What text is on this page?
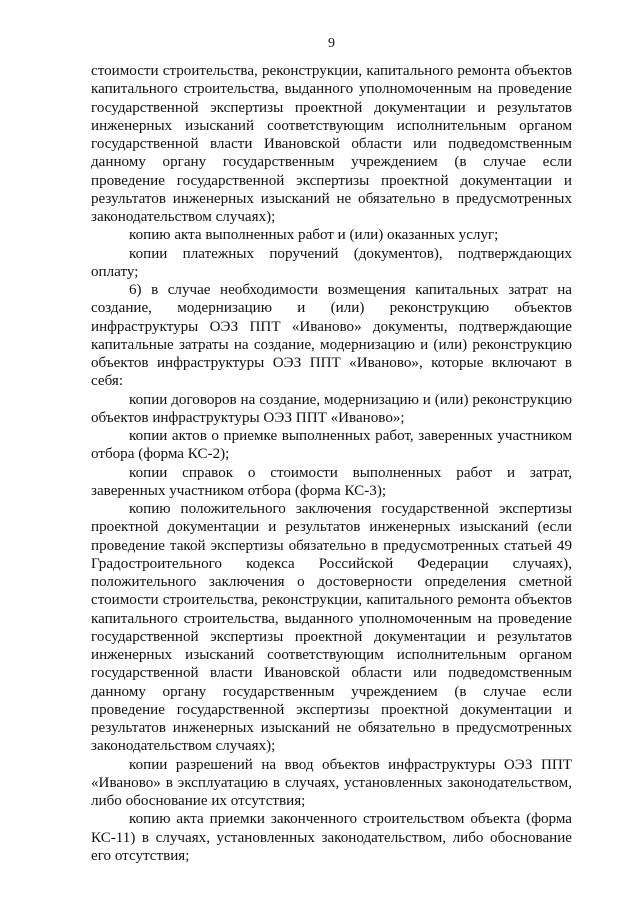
9

стоимости строительства, реконструкции, капитального ремонта объектов капитального строительства, выданного уполномоченным на проведение государственной экспертизы проектной документации и результатов инженерных изысканий соответствующим исполнительным органом государственной власти Ивановской области или подведомственным данному органу государственным учреждением (в случае если проведение государственной экспертизы проектной документации и результатов инженерных изысканий не обязательно в предусмотренных законодательством случаях);

копию акта выполненных работ и (или) оказанных услуг;

копии платежных поручений (документов), подтверждающих оплату;

6) в случае необходимости возмещения капитальных затрат на создание, модернизацию и (или) реконструкцию объектов инфраструктуры ОЭЗ ППТ «Иваново» документы, подтверждающие капитальные затраты на создание, модернизацию и (или) реконструкцию объектов инфраструктуры ОЭЗ ППТ «Иваново», которые включают в себя:

копии договоров на создание, модернизацию и (или) реконструкцию объектов инфраструктуры ОЭЗ ППТ «Иваново»;

копии актов о приемке выполненных работ, заверенных участником отбора (форма КС-2);

копии справок о стоимости выполненных работ и затрат, заверенных участником отбора (форма КС-3);

копию положительного заключения государственной экспертизы проектной документации и результатов инженерных изысканий (если проведение такой экспертизы обязательно в предусмотренных статьей 49 Градостроительного кодекса Российской Федерации случаях), положительного заключения о достоверности определения сметной стоимости строительства, реконструкции, капитального ремонта объектов капитального строительства, выданного уполномоченным на проведение государственной экспертизы проектной документации и результатов инженерных изысканий соответствующим исполнительным органом государственной власти Ивановской области или подведомственным данному органу государственным учреждением (в случае если проведение государственной экспертизы проектной документации и результатов инженерных изысканий не обязательно в предусмотренных законодательством случаях);

копии разрешений на ввод объектов инфраструктуры ОЭЗ ППТ «Иваново» в эксплуатацию в случаях, установленных законодательством, либо обоснование их отсутствия;

копию акта приемки законченного строительством объекта (форма КС-11) в случаях, установленных законодательством, либо обоснование его отсутствия;
